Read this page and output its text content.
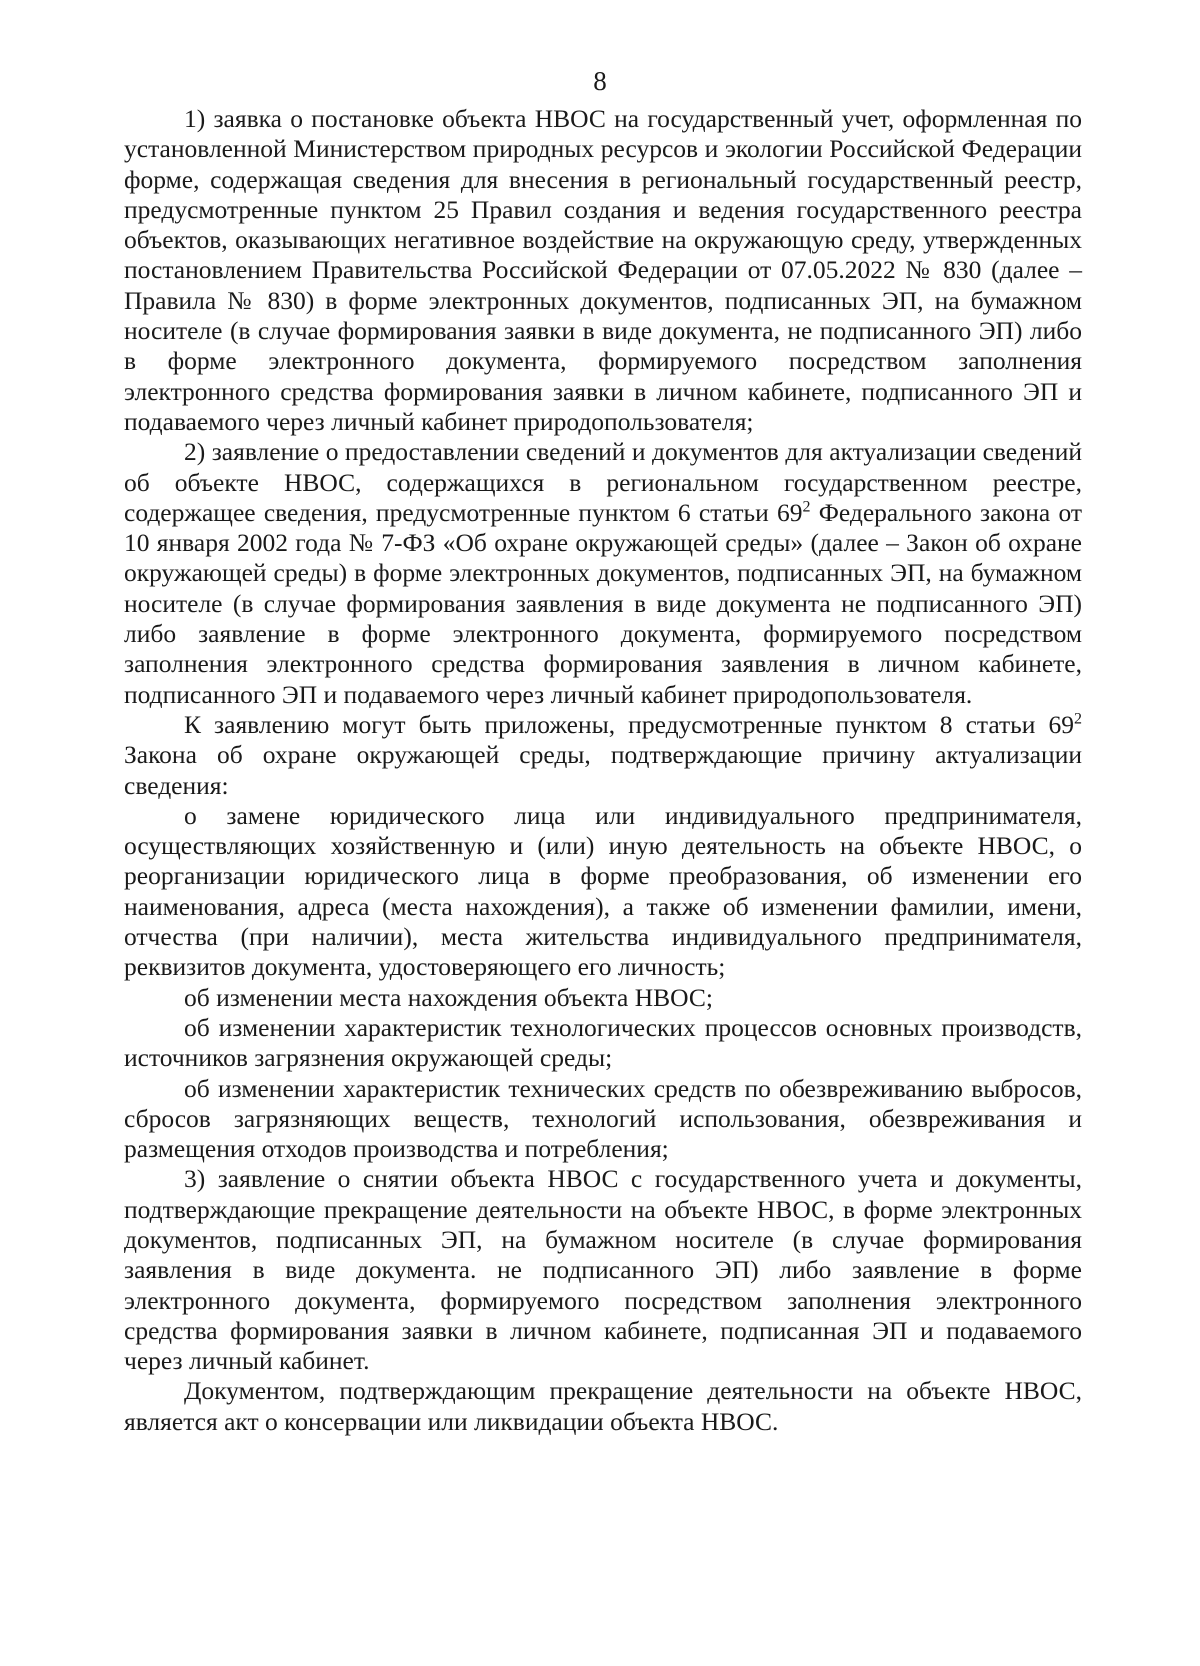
8

1) заявка о постановке объекта НВОС на государственный учет, оформленная по установленной Министерством природных ресурсов и экологии Российской Федерации форме, содержащая сведения для внесения в региональный государственный реестр, предусмотренные пунктом 25 Правил создания и ведения государственного реестра объектов, оказывающих негативное воздействие на окружающую среду, утвержденных постановлением Правительства Российской Федерации от 07.05.2022 № 830 (далее – Правила № 830) в форме электронных документов, подписанных ЭП, на бумажном носителе (в случае формирования заявки в виде документа, не подписанного ЭП) либо в форме электронного документа, формируемого посредством заполнения электронного средства формирования заявки в личном кабинете, подписанного ЭП и подаваемого через личный кабинет природопользователя;

2) заявление о предоставлении сведений и документов для актуализации сведений об объекте НВОС, содержащихся в региональном государственном реестре, содержащее сведения, предусмотренные пунктом 6 статьи $69^2$ Федерального закона от 10 января 2002 года № 7-ФЗ «Об охране окружающей среды» (далее – Закон об охране окружающей среды) в форме электронных документов, подписанных ЭП, на бумажном носителе (в случае формирования заявления в виде документа не подписанного ЭП) либо заявление в форме электронного документа, формируемого посредством заполнения электронного средства формирования заявления в личном кабинете, подписанного ЭП и подаваемого через личный кабинет природопользователя.

К заявлению могут быть приложены, предусмотренные пунктом 8 статьи $69^2$ Закона об охране окружающей среды, подтверждающие причину актуализации сведения:

о замене юридического лица или индивидуального предпринимателя, осуществляющих хозяйственную и (или) иную деятельность на объекте НВОС, о реорганизации юридического лица в форме преобразования, об изменении его наименования, адреса (места нахождения), а также об изменении фамилии, имени, отчества (при наличии), места жительства индивидуального предпринимателя, реквизитов документа, удостоверяющего его личность;

об изменении места нахождения объекта НВОС;

об изменении характеристик технологических процессов основных производств, источников загрязнения окружающей среды;

об изменении характеристик технических средств по обезвреживанию выбросов, сбросов загрязняющих веществ, технологий использования, обезвреживания и размещения отходов производства и потребления;

3) заявление о снятии объекта НВОС с государственного учета и документы, подтверждающие прекращение деятельности на объекте НВОС, в форме электронных документов, подписанных ЭП, на бумажном носителе (в случае формирования заявления в виде документа. не подписанного ЭП) либо заявление в форме электронного документа, формируемого посредством заполнения электронного средства формирования заявки в личном кабинете, подписанная ЭП и подаваемого через личный кабинет.

Документом, подтверждающим прекращение деятельности на объекте НВОС, является акт о консервации или ликвидации объекта НВОС.
